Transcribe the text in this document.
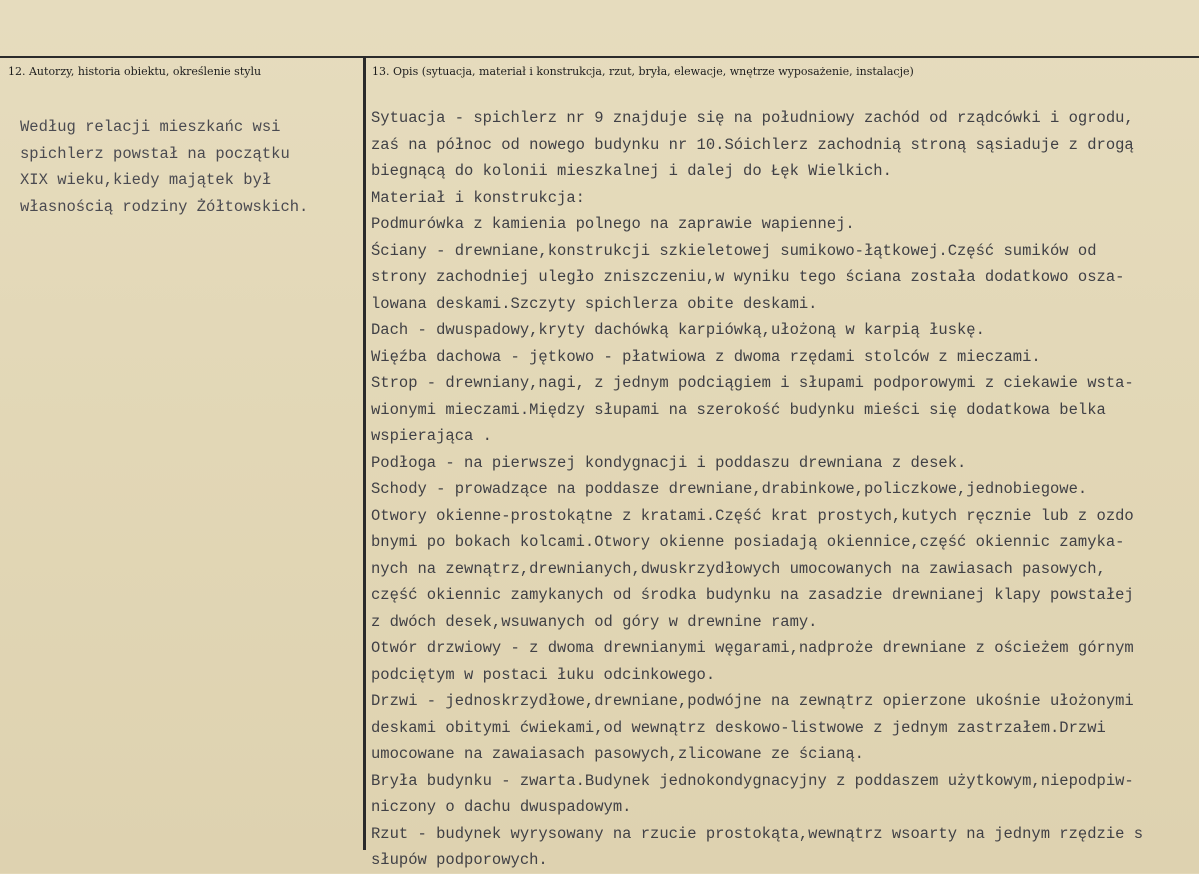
12. Autorzy, historia obiektu, określenie stylu	13. Opis (sytuacja, materiał i konstrukcja, rzut, bryła, elewacje, wnętrze wyposażenie, instalacje)
Według relacji mieszkańc wsi
spichlerz powstał na początku
XIX wieku,kiedy majątek był
własnością rodziny Żółtowskich.
Sytuacja - spichlerz nr 9 znajduje się na południowy zachód od rządcówki i ogrodu,
zaś na północ od nowego budynku nr 10.Sóichlerz zachodnią stroną sąsiaduje z drogą
biegnącą do kolonii mieszkalnej i dalej do Łęk Wielkich.
Materiał i konstrukcja:
Podmurówka z kamienia polnego na zaprawie wapiennej.
Ściany - drewniane,konstrukcji szkieletowej sumikowo-łątkowej.Część sumików od
strony zachodniej uległo zniszczeniu,w wyniku tego ściana została dodatkowo osza-
lowana deskami.Szczyty spichlerza obite deskami.
Dach - dwuspadowy,kryty dachówką karpiówką,ułożoną w karpią łuskę.
Więźba dachowa - jętkowo - płatwiowa z dwoma rzędami stolców z mieczami.
Strop - drewniany,nagi, z jednym podciągiem i słupami podporowymi z ciekawie wsta-
wionymi mieczami.Między słupami na szerokość budynku mieści się dodatkowa belka
wspierająca .
Podłoga - na pierwszej kondygnacji i poddaszu drewniana z desek.
Schody - prowadzące na poddasze drewniane,drabinkowe,policzkowe,jednobiegowe.
Otwory okienne-prostokątne z kratami.Część krat prostych,kutych ręcznie lub z ozdo
bnymi po bokach kolcami.Otwory okienne posiadają okiennice,część okiennic zamyka-
nych na zewnątrz,drewnianych,dwuskrzydłowych umocowanych na zawiasach pasowych,
część okiennic zamykanych od środka budynku na zasadzie drewnianej klapy powstałej
z dwóch desek,wsuwanych od góry w drewnine ramy.
Otwór drzwiowy - z dwoma drewnianymi węgarami,nadproże drewniane z ościeżem górnym
podciętym w postaci łuku odcinkowego.
Drzwi - jednoskrzydłowe,drewniane,podwójne na zewnątrz opierzone ukośnie ułożonymi
deskami obitymi ćwiekami,od wewnątrz deskowo-listwowe z jednym zastrzałem.Drzwi
umocowane na zawaiasach pasowych,zlicowane ze ścianą.
Bryła budynku - zwarta.Budynek jednokondygnacyjny z poddaszem użytkowym,niepodpiw-
niczony o dachu dwuspadowym.
Rzut - budynek wyrysowany na rzucie prostokąta,wewnątrz wsoarty na jednym rzędzie s
słupów podporowych.
